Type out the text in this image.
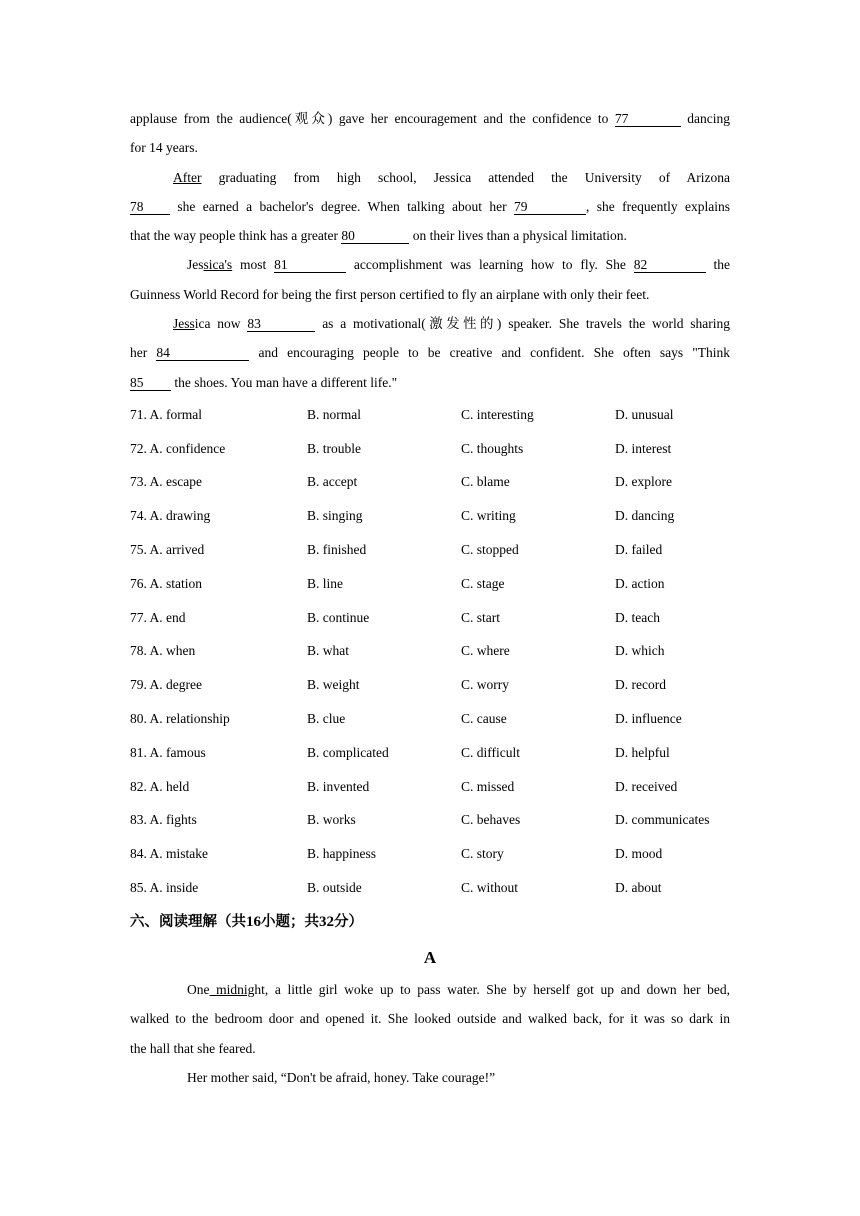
applause from the audience(观众) gave her encouragement and the confidence to 77	dancing
for 14 years.
After graduating from high school, Jessica attended the University of Arizona
78	she earned a bachelor's degree. When talking about her 79	, she frequently explains
that the way people think has a greater 80	on their lives than a physical limitation.
Jessica's most 81	accomplishment was learning how to fly. She 82	the
Guinness World Record for being the first person certified to fly an airplane with only their feet.
Jessica now 83	as a motivational(激发性的) speaker. She travels the world sharing
her 84	and encouraging people to be creative and confident. She often says "Think
85 the shoes. You man have a different life."
71. A. formal	B. normal	C. interesting	D. unusual
72. A. confidence	B. trouble	C. thoughts	D. interest
73. A. escape	B. accept	C. blame	D. explore
74. A. drawing	B. singing	C. writing	D. dancing
75. A. arrived	B. finished	C. stopped	D. failed
76. A. station	B. line	C. stage	D. action
77. A. end	B. continue	C. start	D. teach
78. A. when	B. what	C. where	D. which
79. A. degree	B. weight	C. worry	D. record
80. A. relationship	B. clue	C. cause	D. influence
81. A. famous	B. complicated	C. difficult	D. helpful
82. A. held	B. invented	C. missed	D. received
83. A. fights	B. works	C. behaves	D. communicates
84. A. mistake	B. happiness	C. story	D. mood
85. A. inside	B. outside	C. without	D. about
六、阅读理解（共16小题；共32分）
A
One midnight, a little girl woke up to pass water. She by herself got up and down her bed,
walked to the bedroom door and opened it. She looked outside and walked back, for it was so dark in
the hall that she feared.
Her mother said, “Don't be afraid, honey. Take courage!”
